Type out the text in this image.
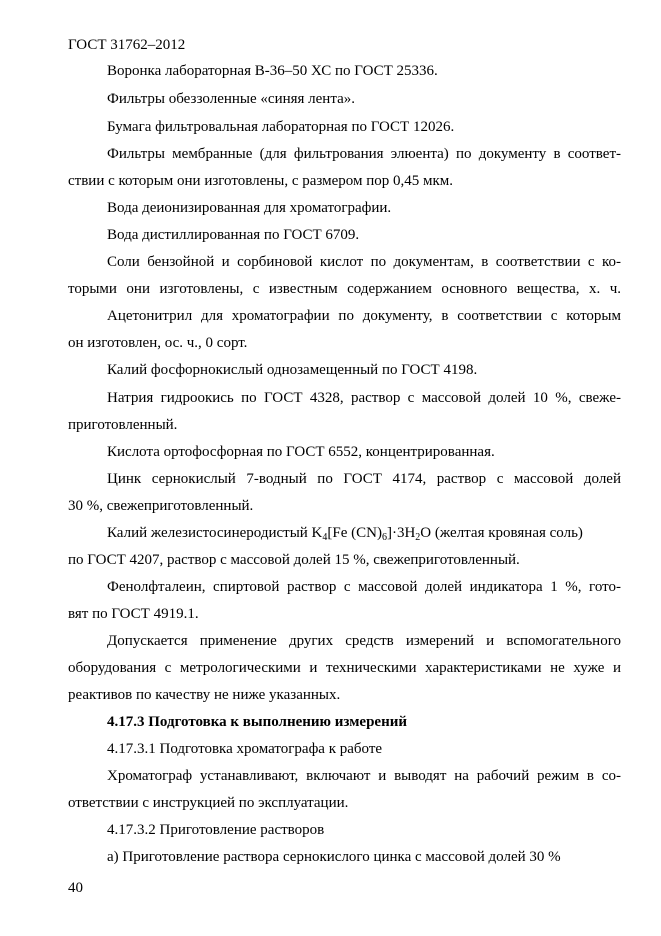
ГОСТ 31762–2012
Воронка лабораторная В-36–50 ХС по ГОСТ 25336.
Фильтры обеззоленные «синяя лента».
Бумага фильтровальная лабораторная по ГОСТ 12026.
Фильтры мембранные (для фильтрования элюента) по документу в соответ-
ствии с которым они изготовлены, с размером пор 0,45 мкм.
Вода деионизированная для хроматографии.
Вода дистиллированная по ГОСТ 6709.
Соли бензойной и сорбиновой кислот по документам, в соответствии с ко-
торыми они изготовлены, с известным содержанием основного вещества, х. ч.
Ацетонитрил для хроматографии по документу, в соответствии с которым
он изготовлен, ос. ч., 0 сорт.
Калий фосфорнокислый однозамещенный по ГОСТ 4198.
Натрия гидроокись по ГОСТ 4328, раствор с массовой долей 10 %, свеже-
приготовленный.
Кислота ортофосфорная по ГОСТ 6552, концентрированная.
Цинк сернокислый 7-водный по ГОСТ 4174, раствор с массовой долей
30 %, свежеприготовленный.
Калий железистосинеродистый $K_4[Fe$ $(CN)_6]\cdot 3H_2O$ (желтая кровяная соль)
по ГОСТ 4207, раствор с массовой долей 15 %, свежеприготовленный.
Фенолфталеин, спиртовой раствор с массовой долей индикатора 1 %, гото-
вят по ГОСТ 4919.1.
Допускается применение других средств измерений и вспомогательного
оборудования с метрологическими и техническими характеристиками не хуже и
реактивов по качеству не ниже указанных.
4.17.3 Подготовка к выполнению измерений
4.17.3.1 Подготовка хроматографа к работе
Хроматограф устанавливают, включают и выводят на рабочий режим в со-
ответствии с инструкцией по эксплуатации.
4.17.3.2 Приготовление растворов
а) Приготовление раствора сернокислого цинка с массовой долей 30 %
40
